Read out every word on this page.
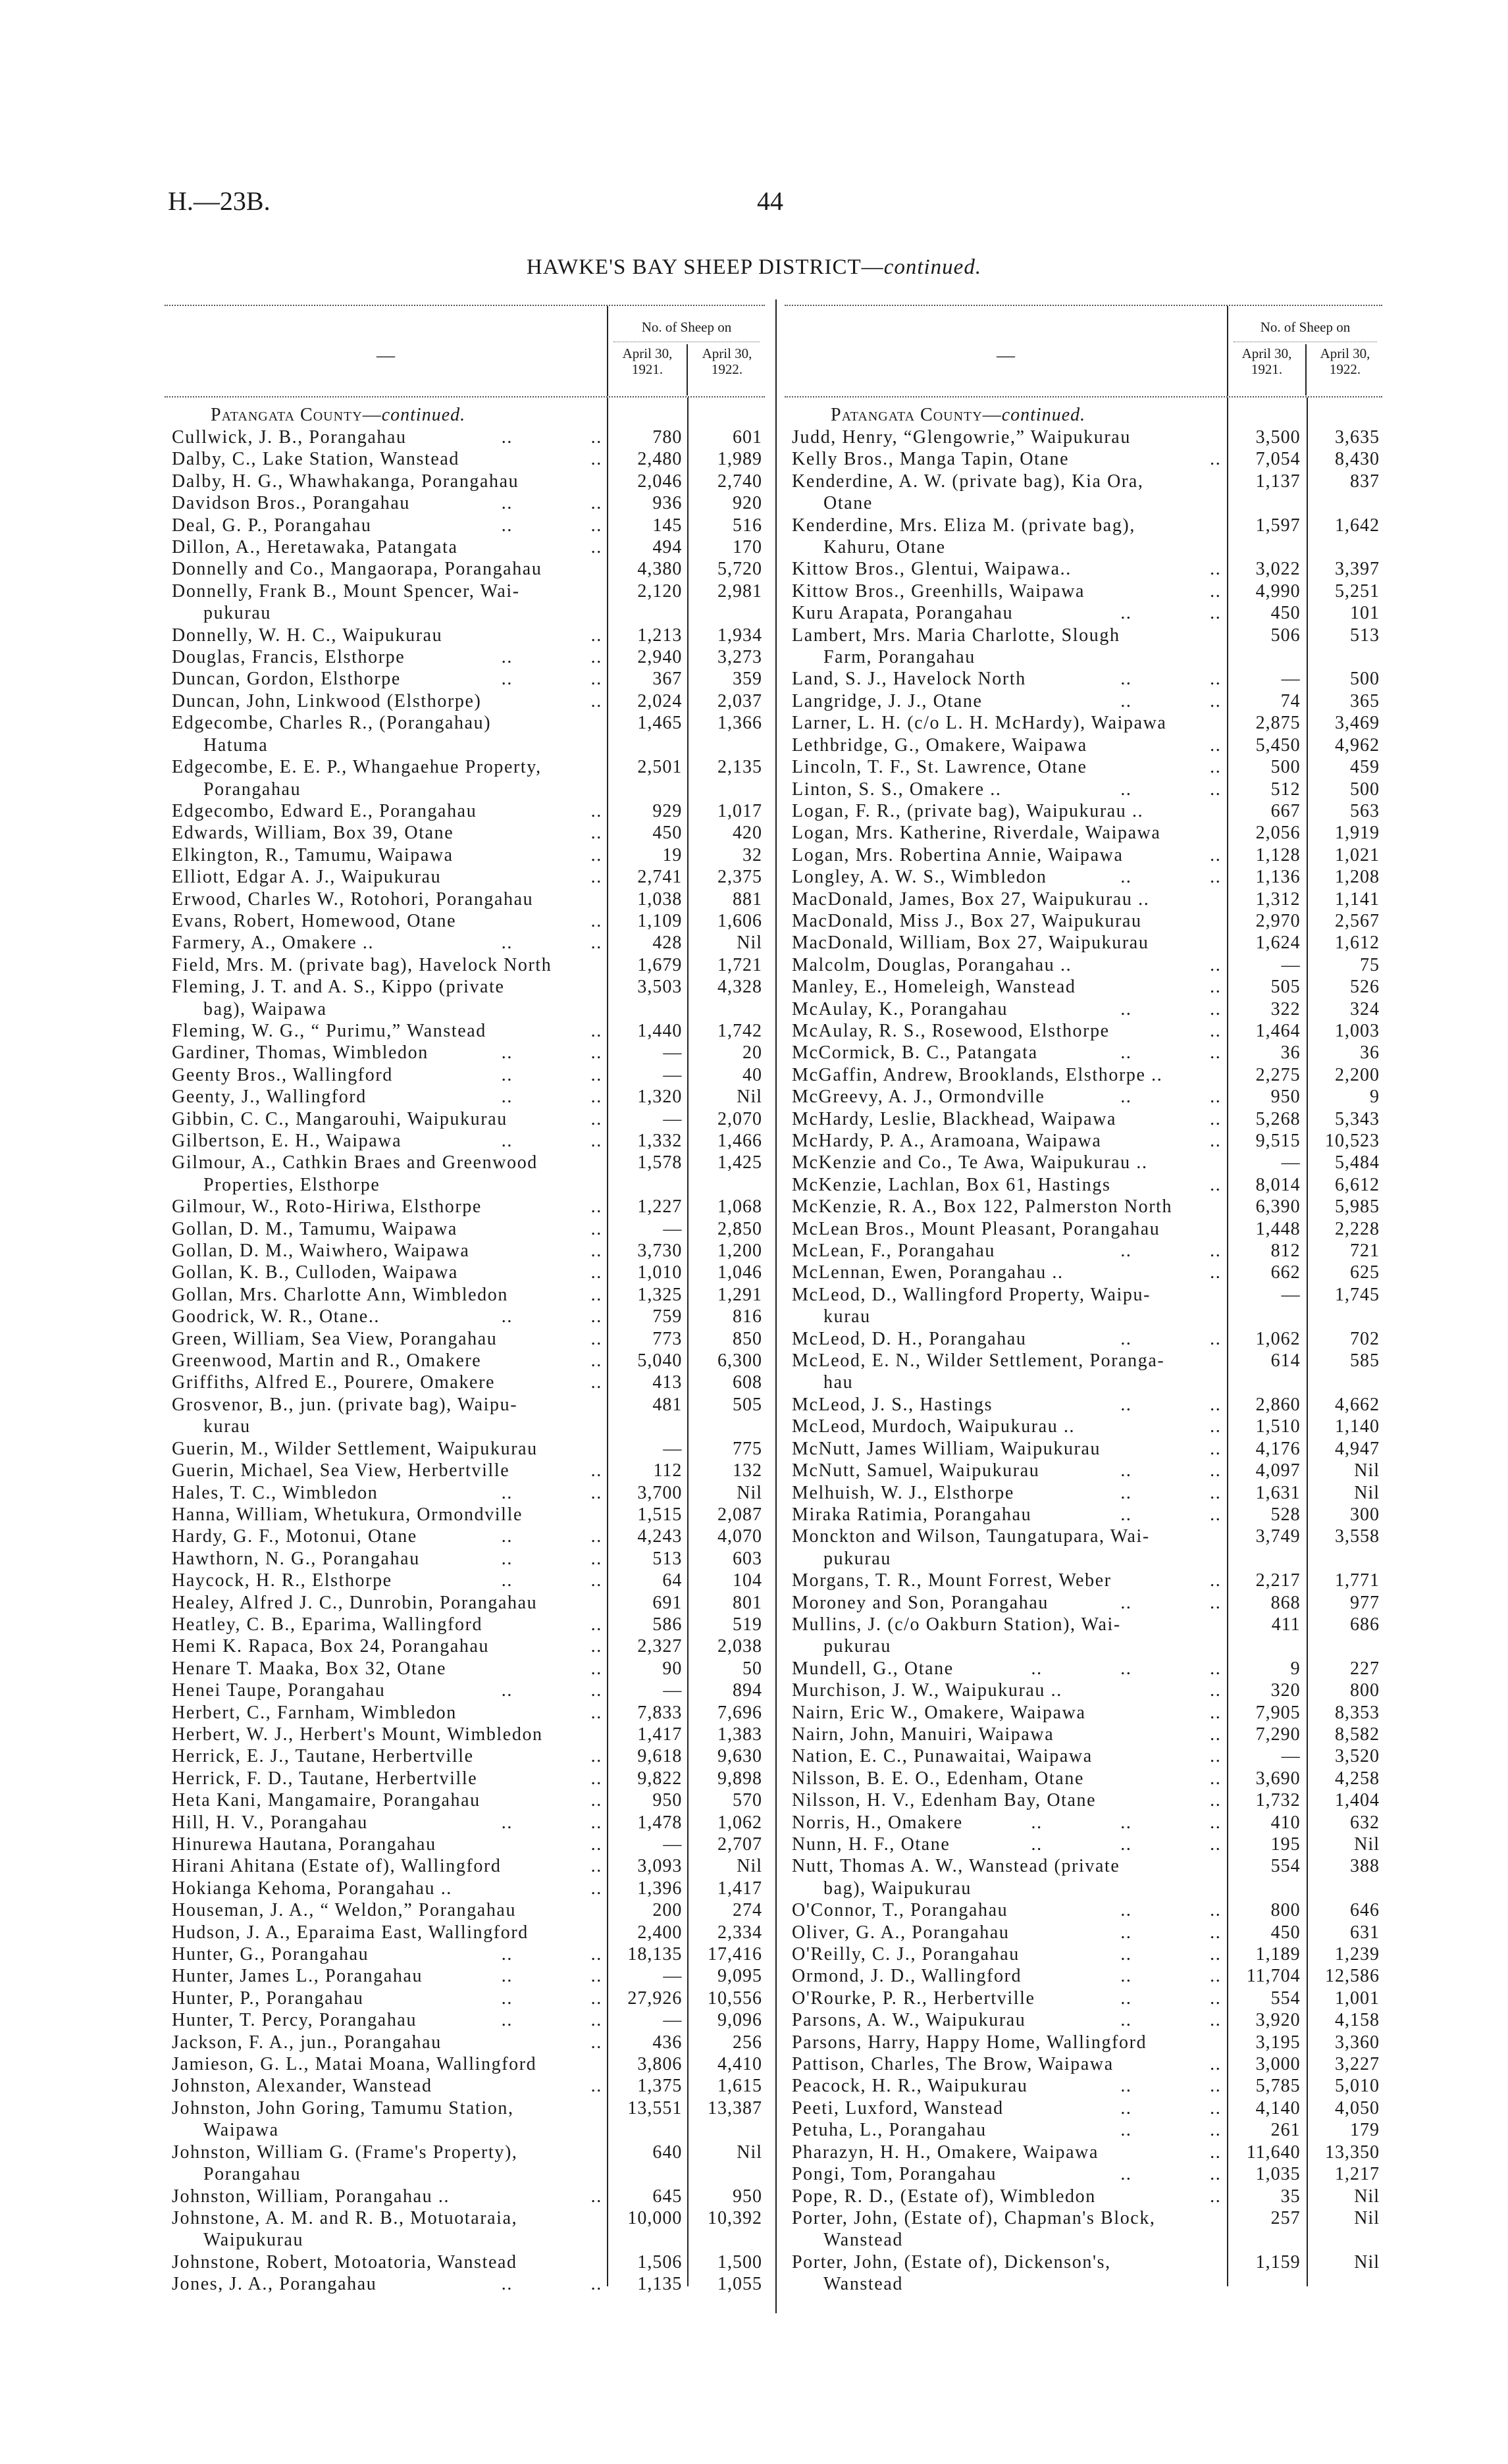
H.—23B.	44
HAWKE'S BAY SHEEP DISTRICT—continued.
—
No. of Sheep on
April 30, 1921.
April 30, 1922.
Patangata County—continued.
Cullwick, J. B., Porangahau	.. ..	780	601
Dalby, C., Lake Station, Wanstead	..	2,480	1,989
Dalby, H. G., Whawhakanga, Porangahau	2,046	2,740
Davidson Bros., Porangahau	.. ..	936	920
Deal, G. P., Porangahau	.. ..	145	516
Dillon, A., Heretawaka, Patangata	..	494	170
Donnelly and Co., Mangaorapa, Porangahau	4,380	5,720
Donnelly, Frank B., Mount Spencer, Wai-
pukurau
2,120	2,981
Donnelly, W. H. C., Waipukurau	..	1,213	1,934
Douglas, Francis, Elsthorpe	.. ..	2,940	3,273
Duncan, Gordon, Elsthorpe	.. ..	367	359
Duncan, John, Linkwood (Elsthorpe)	..	2,024	2,037
Edgecombe, Charles R., (Porangahau)
Hatuma
1,465	1,366
Edgecombe, E. E. P., Whangaehue Property,
Porangahau
2,501	2,135
Edgecombo, Edward E., Porangahau	..	929	1,017
Edwards, William, Box 39, Otane	..	450	420
Elkington, R., Tamumu, Waipawa	..	19	32
Elliott, Edgar A. J., Waipukurau	..	2,741	2,375
Erwood, Charles W., Rotohori, Porangahau	1,038	881
Evans, Robert, Homewood, Otane	..	1,109	1,606
Farmery, A., Omakere ..	.. ..	428	Nil
Field, Mrs. M. (private bag), Havelock North	1,679	1,721
Fleming, J. T. and A. S., Kippo (private
bag), Waipawa
3,503	4,328
Fleming, W. G., “ Purimu,” Wanstead	..	1,440	1,742
Gardiner, Thomas, Wimbledon	.. ..	—	20
Geenty Bros., Wallingford	.. ..	—	40
Geenty, J., Wallingford	.. ..	1,320	Nil
Gibbin, C. C., Mangarouhi, Waipukurau	..	—	2,070
Gilbertson, E. H., Waipawa	.. ..	1,332	1,466
Gilmour, A., Cathkin Braes and Greenwood
Properties, Elsthorpe
1,578	1,425
Gilmour, W., Roto-Hiriwa, Elsthorpe	..	1,227	1,068
Gollan, D. M., Tamumu, Waipawa	..	—	2,850
Gollan, D. M., Waiwhero, Waipawa	..	3,730	1,200
Gollan, K. B., Culloden, Waipawa	..	1,010	1,046
Gollan, Mrs. Charlotte Ann, Wimbledon	..	1,325	1,291
Goodrick, W. R., Otane..	.. ..	759	816
Green, William, Sea View, Porangahau	..	773	850
Greenwood, Martin and R., Omakere	..	5,040	6,300
Griffiths, Alfred E., Pourere, Omakere	..	413	608
Grosvenor, B., jun. (private bag), Waipu-
kurau
481	505
Guerin, M., Wilder Settlement, Waipukurau	—	775
Guerin, Michael, Sea View, Herbertville	..	112	132
Hales, T. C., Wimbledon	.. ..	3,700	Nil
Hanna, William, Whetukura, Ormondville	1,515	2,087
Hardy, G. F., Motonui, Otane	.. ..	4,243	4,070
Hawthorn, N. G., Porangahau	.. ..	513	603
Haycock, H. R., Elsthorpe	.. ..	64	104
Healey, Alfred J. C., Dunrobin, Porangahau	691	801
Heatley, C. B., Eparima, Wallingford	..	586	519
Hemi K. Rapaca, Box 24, Porangahau	..	2,327	2,038
Henare T. Maaka, Box 32, Otane	..	90	50
Henei Taupe, Porangahau	.. ..	—	894
Herbert, C., Farnham, Wimbledon	..	7,833	7,696
Herbert, W. J., Herbert's Mount, Wimbledon	1,417	1,383
Herrick, E. J., Tautane, Herbertville	..	9,618	9,630
Herrick, F. D., Tautane, Herbertville	..	9,822	9,898
Heta Kani, Mangamaire, Porangahau	..	950	570
Hill, H. V., Porangahau	.. ..	1,478	1,062
Hinurewa Hautana, Porangahau	..	—	2,707
Hirani Ahitana (Estate of), Wallingford	..	3,093	Nil
Hokianga Kehoma, Porangahau ..	..	1,396	1,417
Houseman, J. A., “ Weldon,” Porangahau	200	274
Hudson, J. A., Eparaima East, Wallingford	2,400	2,334
Hunter, G., Porangahau	.. ..	18,135	17,416
Hunter, James L., Porangahau	.. ..	—	9,095
Hunter, P., Porangahau	.. ..	27,926	10,556
Hunter, T. Percy, Porangahau	.. ..	—	9,096
Jackson, F. A., jun., Porangahau	..	436	256
Jamieson, G. L., Matai Moana, Wallingford	3,806	4,410
Johnston, Alexander, Wanstead	..	1,375	1,615
Johnston, John Goring, Tamumu Station,
Waipawa
13,551	13,387
Johnston, William G. (Frame's Property),
Porangahau
640	Nil
Johnston, William, Porangahau ..	..	645	950
Johnstone, A. M. and R. B., Motuotaraia,
Waipukurau
10,000	10,392
Johnstone, Robert, Motoatoria, Wanstead	1,506	1,500
Jones, J. A., Porangahau	.. ..	1,135	1,055
—
No. of Sheep on
April 30, 1921.
April 30, 1922.
Patangata County—continued.
Judd, Henry, “Glengowrie,” Waipukurau	3,500	3,635
Kelly Bros., Manga Tapin, Otane	..	7,054	8,430
Kenderdine, A. W. (private bag), Kia Ora,
Otane
1,137	837
Kenderdine, Mrs. Eliza M. (private bag),
Kahuru, Otane
1,597	1,642
Kittow Bros., Glentui, Waipawa..	..	3,022	3,397
Kittow Bros., Greenhills, Waipawa	..	4,990	5,251
Kuru Arapata, Porangahau	.. ..	450	101
Lambert, Mrs. Maria Charlotte, Slough
Farm, Porangahau
506	513
Land, S. J., Havelock North	.. ..	—	500
Langridge, J. J., Otane	.. ..	74	365
Larner, L. H. (c/o L. H. McHardy), Waipawa	2,875	3,469
Lethbridge, G., Omakere, Waipawa	..	5,450	4,962
Lincoln, T. F., St. Lawrence, Otane	..	500	459
Linton, S. S., Omakere ..	.. ..	512	500
Logan, F. R., (private bag), Waipukurau ..	667	563
Logan, Mrs. Katherine, Riverdale, Waipawa	2,056	1,919
Logan, Mrs. Robertina Annie, Waipawa	..	1,128	1,021
Longley, A. W. S., Wimbledon	.. ..	1,136	1,208
MacDonald, James, Box 27, Waipukurau ..	1,312	1,141
MacDonald, Miss J., Box 27, Waipukurau	2,970	2,567
MacDonald, William, Box 27, Waipukurau	1,624	1,612
Malcolm, Douglas, Porangahau ..	..	—	75
Manley, E., Homeleigh, Wanstead	..	505	526
McAulay, K., Porangahau	.. ..	322	324
McAulay, R. S., Rosewood, Elsthorpe	..	1,464	1,003
McCormick, B. C., Patangata	.. ..	36	36
McGaffin, Andrew, Brooklands, Elsthorpe ..	2,275	2,200
McGreevy, A. J., Ormondville	.. ..	950	9
McHardy, Leslie, Blackhead, Waipawa	..	5,268	5,343
McHardy, P. A., Aramoana, Waipawa	..	9,515	10,523
McKenzie and Co., Te Awa, Waipukurau ..	—	5,484
McKenzie, Lachlan, Box 61, Hastings	..	8,014	6,612
McKenzie, R. A., Box 122, Palmerston North	6,390	5,985
McLean Bros., Mount Pleasant, Porangahau	1,448	2,228
McLean, F., Porangahau	.. ..	812	721
McLennan, Ewen, Porangahau ..	..	662	625
McLeod, D., Wallingford Property, Waipu-
kurau
—	1,745
McLeod, D. H., Porangahau	.. ..	1,062	702
McLeod, E. N., Wilder Settlement, Poranga-
hau
614	585
McLeod, J. S., Hastings	.. ..	2,860	4,662
McLeod, Murdoch, Waipukurau ..	..	1,510	1,140
McNutt, James William, Waipukurau	..	4,176	4,947
McNutt, Samuel, Waipukurau	.. ..	4,097	Nil
Melhuish, W. J., Elsthorpe	.. ..	1,631	Nil
Miraka Ratimia, Porangahau	.. ..	528	300
Monckton and Wilson, Taungatupara, Wai-
pukurau
3,749	3,558
Morgans, T. R., Mount Forrest, Weber	..	2,217	1,771
Moroney and Son, Porangahau	.. ..	868	977
Mullins, J. (c/o Oakburn Station), Wai-
pukurau
411	686
Mundell, G., Otane	.. .. ..	9	227
Murchison, J. W., Waipukurau ..	..	320	800
Nairn, Eric W., Omakere, Waipawa	..	7,905	8,353
Nairn, John, Manuiri, Waipawa	..	7,290	8,582
Nation, E. C., Punawaitai, Waipawa	..	—	3,520
Nilsson, B. E. O., Edenham, Otane	..	3,690	4,258
Nilsson, H. V., Edenham Bay, Otane	..	1,732	1,404
Norris, H., Omakere	.. .. ..	410	632
Nunn, H. F., Otane	.. .. ..	195	Nil
Nutt, Thomas A. W., Wanstead (private
bag), Waipukurau
554	388
O'Connor, T., Porangahau	.. ..	800	646
Oliver, G. A., Porangahau	.. ..	450	631
O'Reilly, C. J., Porangahau	.. ..	1,189	1,239
Ormond, J. D., Wallingford	.. ..	11,704	12,586
O'Rourke, P. R., Herbertville	.. ..	554	1,001
Parsons, A. W., Waipukurau	.. ..	3,920	4,158
Parsons, Harry, Happy Home, Wallingford	3,195	3,360
Pattison, Charles, The Brow, Waipawa	..	3,000	3,227
Peacock, H. R., Waipukurau	.. ..	5,785	5,010
Peeti, Luxford, Wanstead	.. ..	4,140	4,050
Petuha, L., Porangahau	.. ..	261	179
Pharazyn, H. H., Omakere, Waipawa	..	11,640	13,350
Pongi, Tom, Porangahau	.. ..	1,035	1,217
Pope, R. D., (Estate of), Wimbledon	..	35	Nil
Porter, John, (Estate of), Chapman's Block,
Wanstead
257	Nil
Porter, John, (Estate of), Dickenson's,
Wanstead
1,159	Nil
